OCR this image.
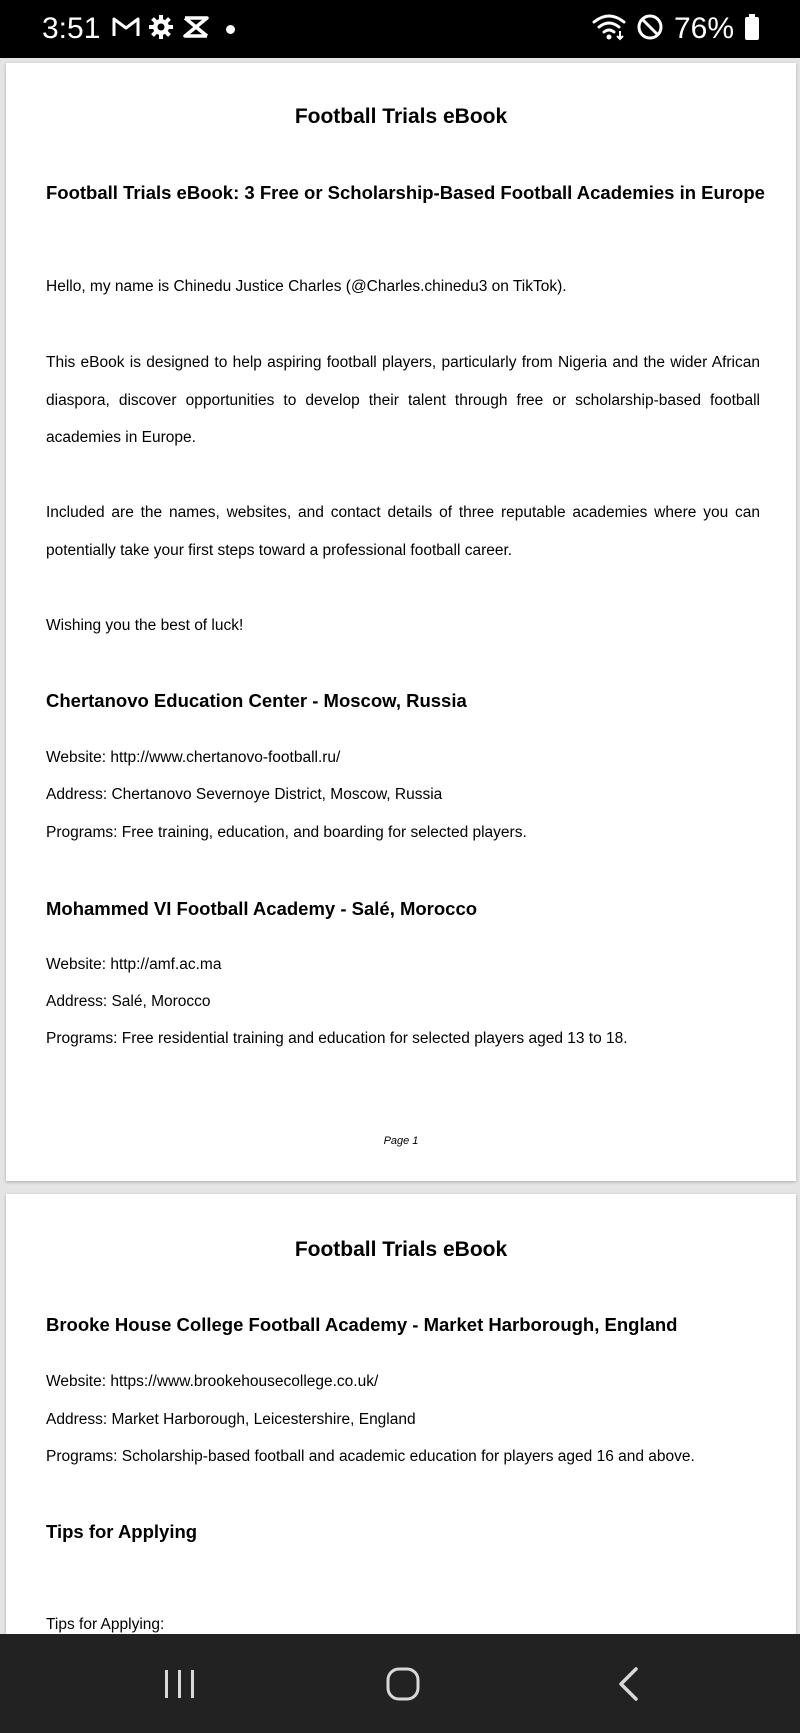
3:51	76%
Football Trials eBook
Football Trials eBook: 3 Free or Scholarship-Based Football Academies in Europe
Hello, my name is Chinedu Justice Charles (@Charles.chinedu3 on TikTok).
This eBook is designed to help aspiring football players, particularly from Nigeria and the wider African diaspora, discover opportunities to develop their talent through free or scholarship-based football academies in Europe.
Included are the names, websites, and contact details of three reputable academies where you can potentially take your first steps toward a professional football career.
Wishing you the best of luck!
Chertanovo Education Center - Moscow, Russia
Website: http://www.chertanovo-football.ru/
Address: Chertanovo Severnoye District, Moscow, Russia
Programs: Free training, education, and boarding for selected players.
Mohammed VI Football Academy - Salé, Morocco
Website: http://amf.ac.ma
Address: Salé, Morocco
Programs: Free residential training and education for selected players aged 13 to 18.
Page 1
Football Trials eBook
Brooke House College Football Academy - Market Harborough, England
Website: https://www.brookehousecollege.co.uk/
Address: Market Harborough, Leicestershire, England
Programs: Scholarship-based football and academic education for players aged 16 and above.
Tips for Applying
Tips for Applying:
